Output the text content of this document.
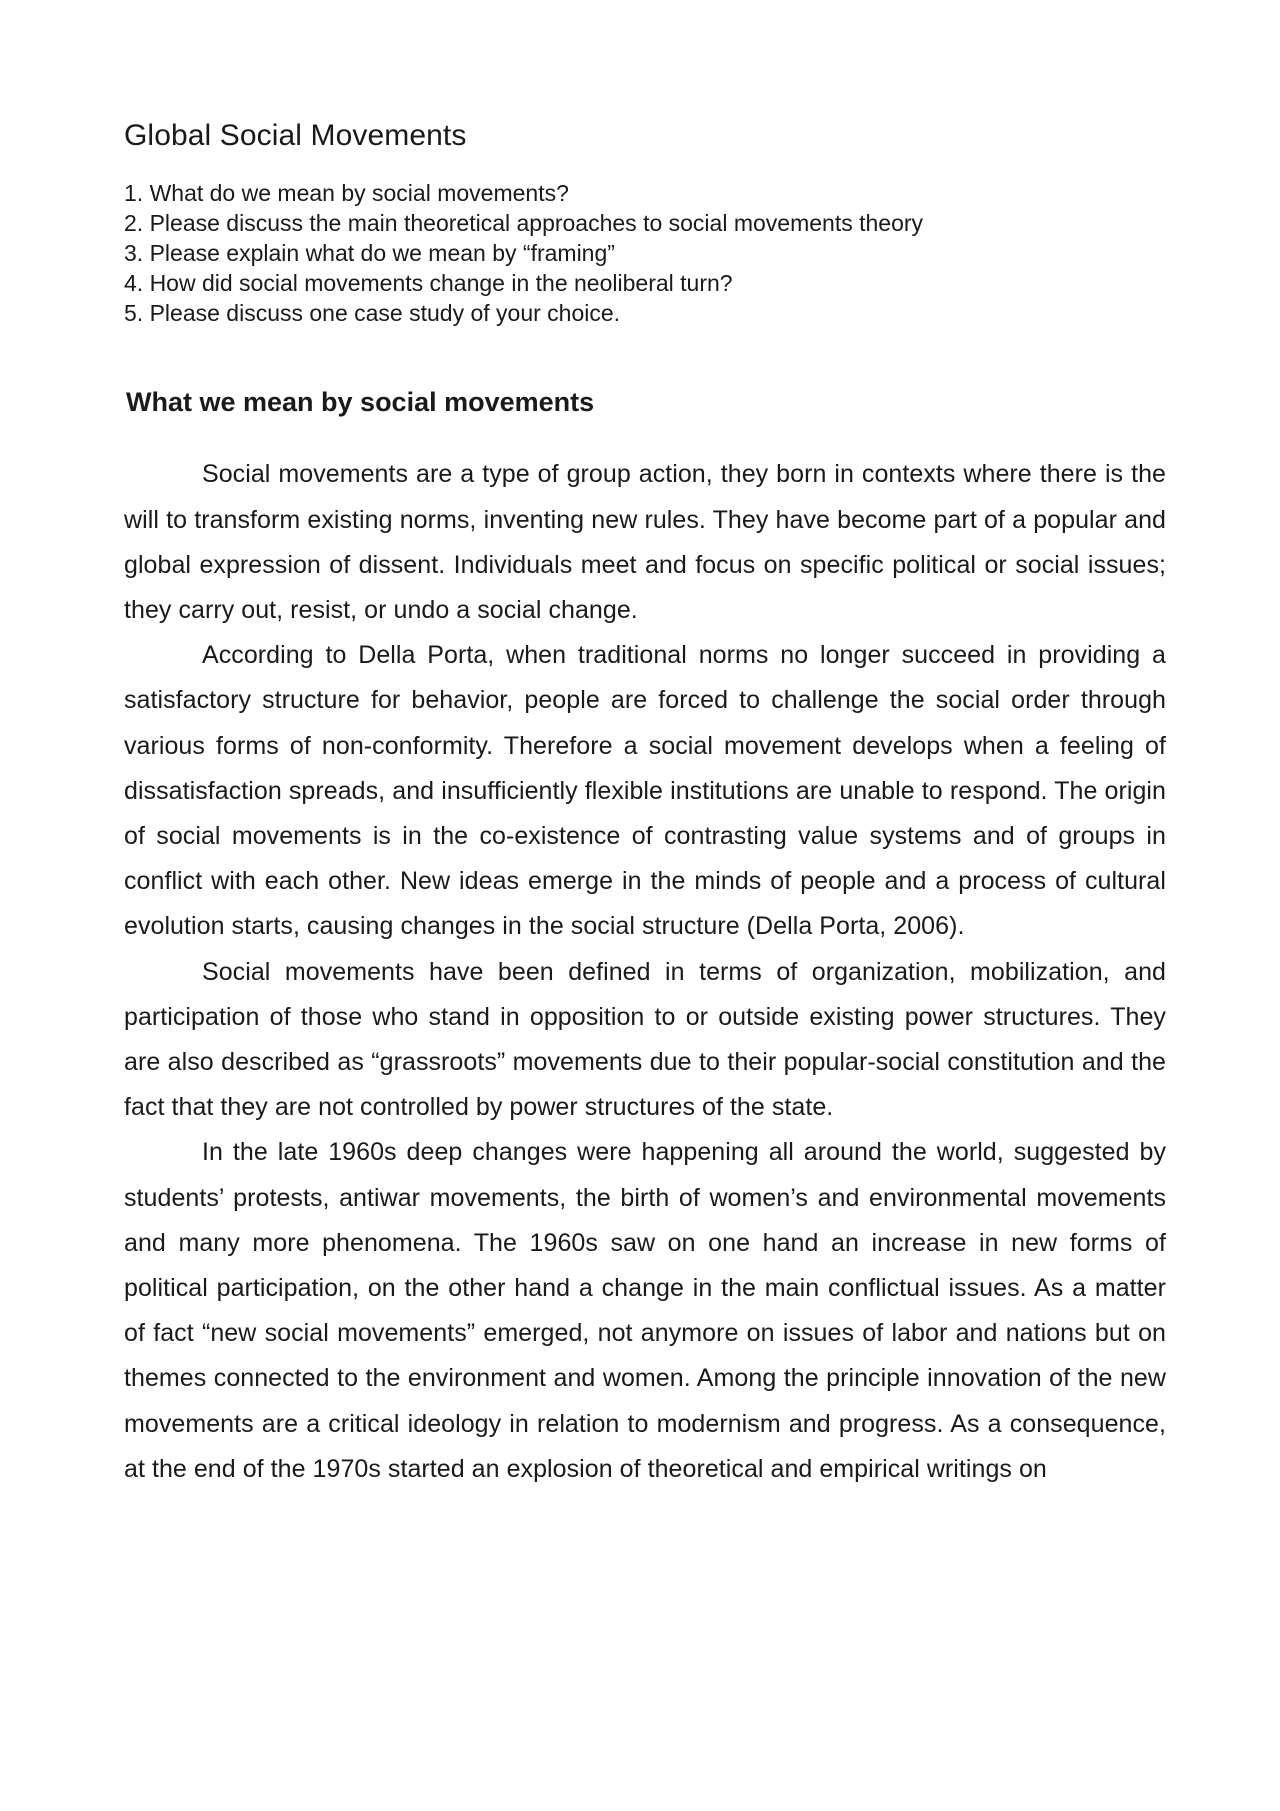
Global Social Movements
1. What do we mean by social movements?
2. Please discuss the main theoretical approaches to social movements theory
3. Please explain what do we mean by “framing”
4. How did social movements change in the neoliberal turn?
5. Please discuss one case study of your choice.
What we mean by social movements

Social movements are a type of group action, they born in contexts where there is the will to transform existing norms, inventing new rules. They have become part of a popular and global expression of dissent. Individuals meet and focus on specific political or social issues; they carry out, resist, or undo a social change.

According to Della Porta, when traditional norms no longer succeed in providing a satisfactory structure for behavior, people are forced to challenge the social order through various forms of non-conformity. Therefore a social movement develops when a feeling of dissatisfaction spreads, and insufficiently flexible institutions are unable to respond. The origin of social movements is in the co-existence of contrasting value systems and of groups in conflict with each other. New ideas emerge in the minds of people and a process of cultural evolution starts, causing changes in the social structure (Della Porta, 2006).

Social movements have been defined in terms of organization, mobilization, and participation of those who stand in opposition to or outside existing power structures. They are also described as “grassroots” movements due to their popular-social constitution and the fact that they are not controlled by power structures of the state.

In the late 1960s deep changes were happening all around the world, suggested by students’ protests, antiwar movements, the birth of women’s and environmental movements and many more phenomena. The 1960s saw on one hand an increase in new forms of political participation, on the other hand a change in the main conflictual issues. As a matter of fact “new social movements” emerged, not anymore on issues of labor and nations but on themes connected to the environment and women. Among the principle innovation of the new movements are a critical ideology in relation to modernism and progress. As a consequence, at the end of the 1970s started an explosion of theoretical and empirical writings on
